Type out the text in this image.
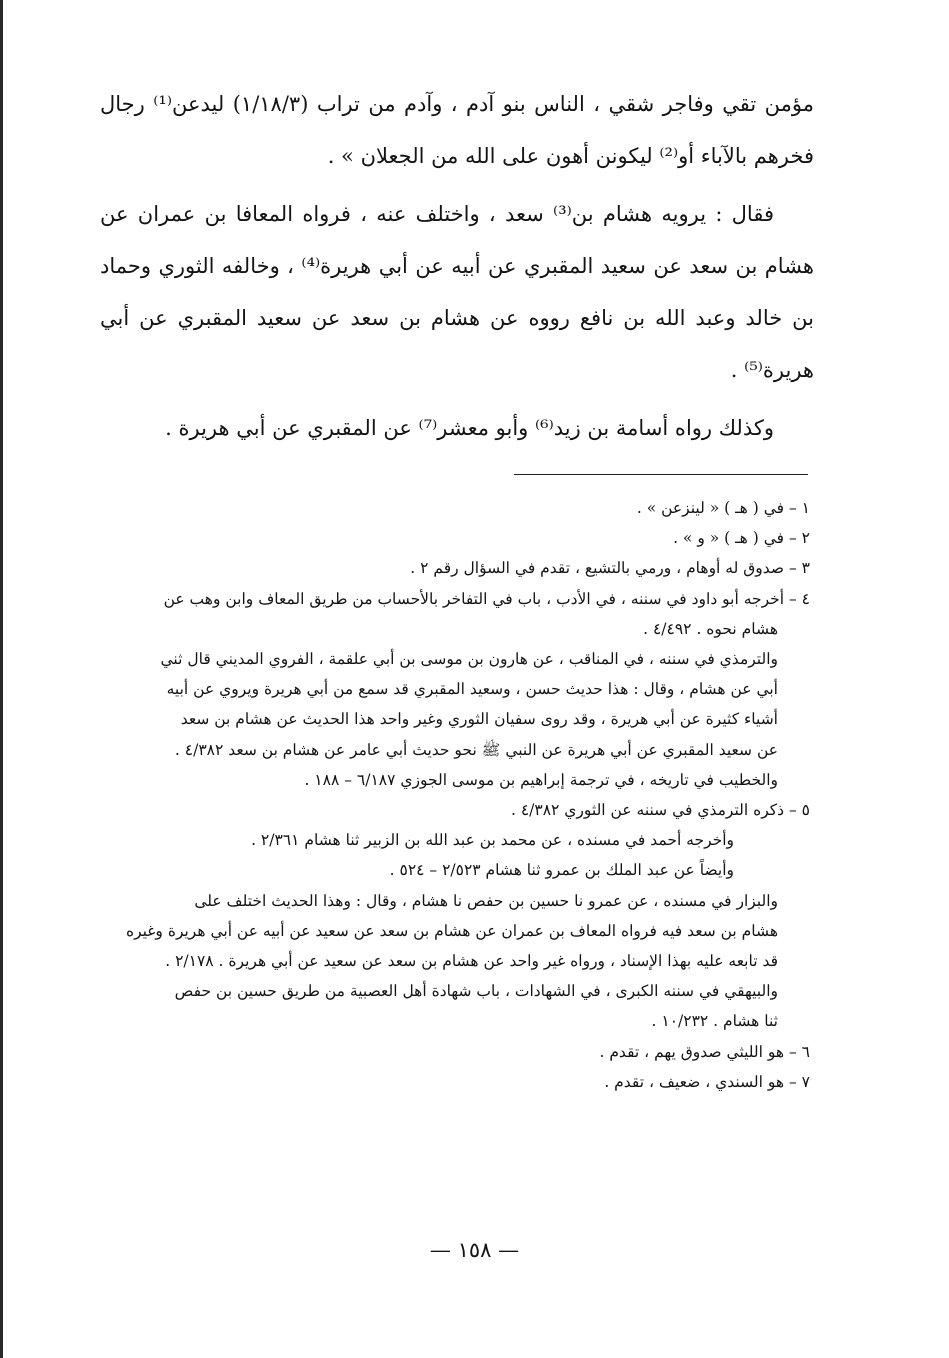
مؤمن تقي وفاجر شقي ، الناس بنو آدم ، وآدم من تراب (١/١٨/٣) ليدعن⁽¹⁾ رجال فخرهم بالآباء أو⁽²⁾ ليكونن أهون على الله من الجعلان » .

فقال : يرويه هشام بن⁽³⁾ سعد ، واختلف عنه ، فرواه المعافا بن عمران عن هشام بن سعد عن سعيد المقبري عن أبيه عن أبي هريرة⁽⁴⁾ ، وخالفه الثوري وحماد بن خالد وعبد الله بن نافع رووه عن هشام بن سعد عن سعيد المقبري عن أبي هريرة⁽⁵⁾ .

وكذلك رواه أسامة بن زيد⁽⁶⁾ وأبو معشر⁽⁷⁾ عن المقبري عن أبي هريرة .

١ – في ( هـ ) « لينزعن » .
٢ – في ( هـ ) « و » .
٣ – صدوق له أوهام ، ورمي بالتشيع ، تقدم في السؤال رقم ٢ .
٤ – أخرجه أبو داود في سننه ، في الأدب ، باب في التفاخر بالأحساب من طريق المعاف وابن وهب عن
هشام نحوه . ٤/٤٩٢ .
والترمذي في سننه ، في المناقب ، عن هارون بن موسى بن أبي علقمة ، الفروي المديني قال ثني
أبي عن هشام ، وقال : هذا حديث حسن ، وسعيد المقبري قد سمع من أبي هريرة ويروي عن أبيه
أشياء كثيرة عن أبي هريرة ، وقد روى سفيان الثوري وغير واحد هذا الحديث عن هشام بن سعد
عن سعيد المقبري عن أبي هريرة عن النبي ﷺ نحو حديث أبي عامر عن هشام بن سعد ٤/٣٨٢ .
والخطيب في تاريخه ، في ترجمة إبراهيم بن موسى الجوزي ٦/١٨٧ – ١٨٨ .
٥ – ذكره الترمذي في سننه عن الثوري ٤/٣٨٢ .
وأخرجه أحمد في مسنده ، عن محمد بن عبد الله بن الزبير ثنا هشام ٢/٣٦١ .
وأيضاً عن عبد الملك بن عمرو ثنا هشام ٢/٥٢٣ – ٥٢٤ .
والبزار في مسنده ، عن عمرو نا حسين بن حفص نا هشام ، وقال : وهذا الحديث اختلف على
هشام بن سعد فيه فرواه المعاف بن عمران عن هشام بن سعد عن سعيد عن أبيه عن أبي هريرة وغيره
قد تابعه عليه بهذا الإسناد ، ورواه غير واحد عن هشام بن سعد عن سعيد عن أبي هريرة . ٢/١٧٨ .
والبيهقي في سننه الكبرى ، في الشهادات ، باب شهادة أهل العصبية من طريق حسين بن حفص
ثنا هشام . ١٠/٢٣٢ .
٦ – هو الليثي صدوق يهم ، تقدم .
٧ – هو السندي ، ضعيف ، تقدم .
— ١٥٨ —
